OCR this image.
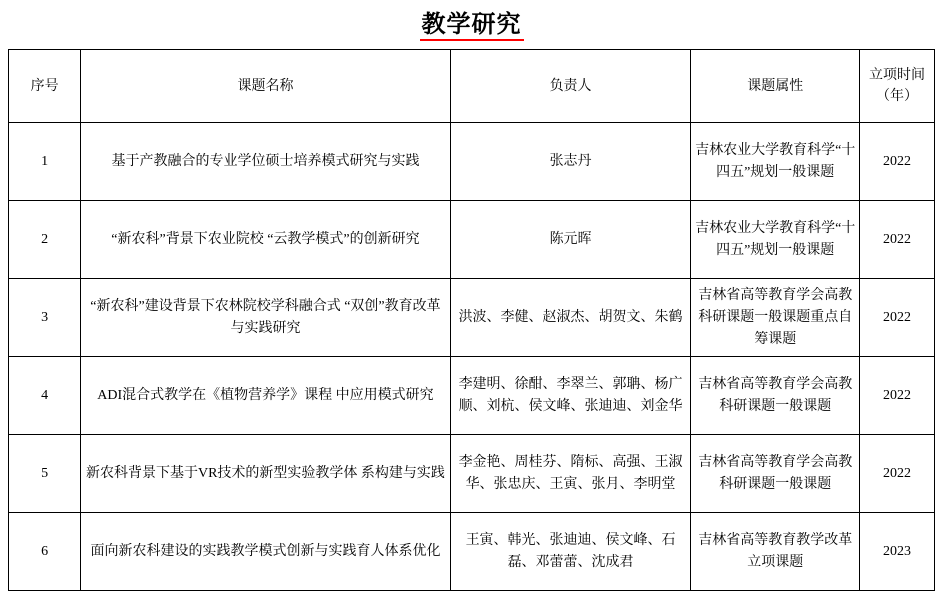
教学研究
序号	课题名称	负责人	课题属性	立项时间（年）
1	基于产教融合的专业学位硕士培养模式研究与实践	张志丹	吉林农业大学教育科学“十四五”规划一般课题	2022
2	“新农科”背景下农业院校 “云教学模式”的创新研究	陈元晖	吉林农业大学教育科学“十四五”规划一般课题	2022
3	“新农科”建设背景下农林院校学科融合式 “双创”教育改革与实践研究	洪波、李健、赵淑杰、胡贺文、朱鹤	吉林省高等教育学会高教科研课题一般课题重点自筹课题	2022
4	ADI混合式教学在《植物营养学》课程 中应用模式研究	李建明、徐酣、李翠兰、郭聃、杨广顺、刘杭、侯文峰、张迪迪、刘金华	吉林省高等教育学会高教科研课题一般课题	2022
5	新农科背景下基于VR技术的新型实验教学体 系构建与实践	李金艳、周桂芬、隋标、高强、王淑华、张忠庆、王寅、张月、李明堂	吉林省高等教育学会高教科研课题一般课题	2022
6	面向新农科建设的实践教学模式创新与实践育人体系优化	王寅、韩光、张迪迪、侯文峰、石磊、邓蕾蕾、沈成君	吉林省高等教育教学改革立项课题	2023
